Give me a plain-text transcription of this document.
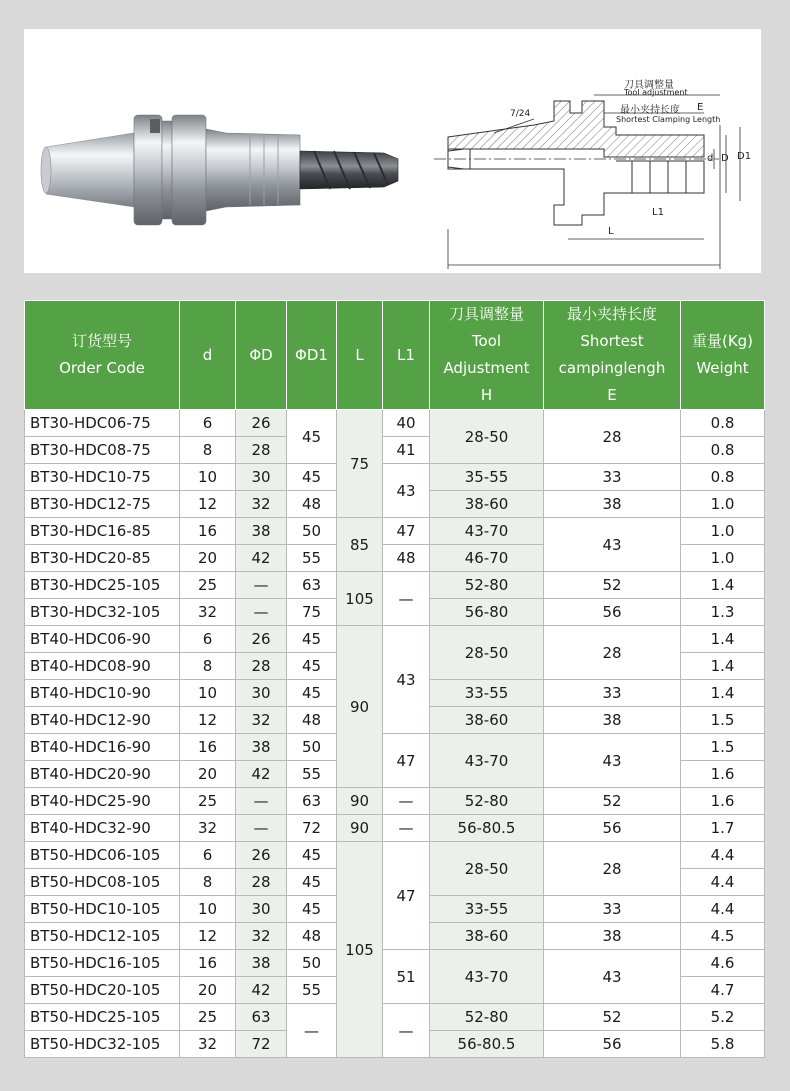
7/24
刀具调整量
Tool adjustment
最小夹持长度 E
Shortest Clamping Length
d D D1
L1
L
订货型号
Order Code	d	ΦD	ΦD1	L	L1	刀具调整量
Tool
Adjustment
H	最小夹持长度
Shortest
campinglengh
E	重量(Kg)
Weight

BT30-HDC06-75	6	26	45	75	40	28-50	28	0.8
BT30-HDC08-75	8	28			41			0.8
BT30-HDC10-75	10	30	45		43	35-55	33	0.8
BT30-HDC12-75	12	32	48			38-60	38	1.0
BT30-HDC16-85	16	38	50	85	47	43-70	43	1.0
BT30-HDC20-85	20	42	55		48	46-70		1.0
BT30-HDC25-105	25	—	63	105	—	52-80	52	1.4
BT30-HDC32-105	32	—	75			56-80	56	1.3
BT40-HDC06-90	6	26	45	90	43	28-50	28	1.4
BT40-HDC08-90	8	28	45					1.4
BT40-HDC10-90	10	30	45			33-55	33	1.4
BT40-HDC12-90	12	32	48			38-60	38	1.5
BT40-HDC16-90	16	38	50		47	43-70	43	1.5
BT40-HDC20-90	20	42	55					1.6
BT40-HDC25-90	25	—	63	90	—	52-80	52	1.6
BT40-HDC32-90	32	—	72	90	—	56-80.5	56	1.7
BT50-HDC06-105	6	26	45	105	47	28-50	28	4.4
BT50-HDC08-105	8	28	45					4.4
BT50-HDC10-105	10	30	45			33-55	33	4.4
BT50-HDC12-105	12	32	48			38-60	38	4.5
BT50-HDC16-105	16	38	50		51	43-70	43	4.6
BT50-HDC20-105	20	42	55					4.7
BT50-HDC25-105	25	63	—		—	52-80	52	5.2
BT50-HDC32-105	32	72				56-80.5	56	5.8
